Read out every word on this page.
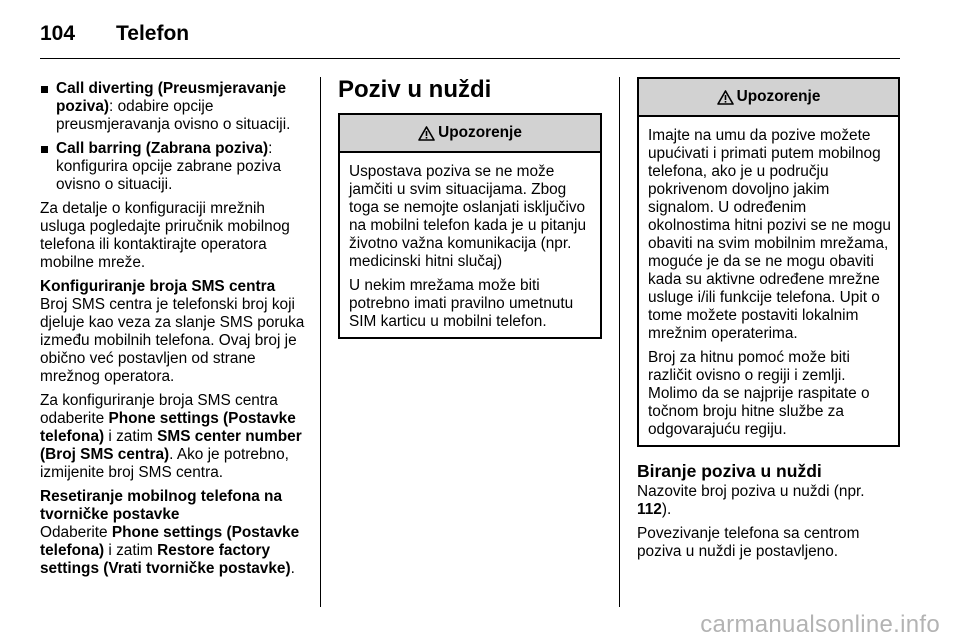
104 Telefon
Call diverting (Preusmjeravanje poziva): odabire opcije preusmjeravanja ovisno o situaciji.
Call barring (Zabrana poziva): konfigurira opcije zabrane poziva ovisno o situaciji.

Za detalje o konfiguraciji mrežnih usluga pogledajte priručnik mobilnog telefona ili kontaktirajte operatora mobilne mreže.

Konfiguriranje broja SMS centra

Broj SMS centra je telefonski broj koji djeluje kao veza za slanje SMS poruka između mobilnih telefona. Ovaj broj je obično već postavljen od strane mrežnog operatora.

Za konfiguriranje broja SMS centra odaberite Phone settings (Postavke telefona) i zatim SMS center number (Broj SMS centra). Ako je potrebno, izmijenite broj SMS centra.

Resetiranje mobilnog telefona na tvorničke postavke

Odaberite Phone settings (Postavke telefona) i zatim Restore factory settings (Vrati tvorničke postavke).

Poziv u nuždi
Upozorenje

Uspostava poziva se ne može jamčiti u svim situacijama. Zbog toga se nemojte oslanjati isključivo na mobilni telefon kada je u pitanju životno važna komunikacija (npr. medicinski hitni slučaj)

U nekim mrežama može biti potrebno imati pravilno umetnutu SIM karticu u mobilni telefon.

Upozorenje

Imajte na umu da pozive možete upućivati i primati putem mobilnog telefona, ako je u području pokrivenom dovoljno jakim signalom. U određenim okolnostima hitni pozivi se ne mogu obaviti na svim mobilnim mrežama, moguće je da se ne mogu obaviti kada su aktivne određene mrežne usluge i/ili funkcije telefona. Upit o tome možete postaviti lokalnim mrežnim operaterima.

Broj za hitnu pomoć može biti različit ovisno o regiji i zemlji. Molimo da se najprije raspitate o točnom broju hitne službe za odgovarajuću regiju.

Biranje poziva u nuždi

Nazovite broj poziva u nuždi (npr. 112).

Povezivanje telefona sa centrom poziva u nuždi je postavljeno.

carmanualsonline.info
